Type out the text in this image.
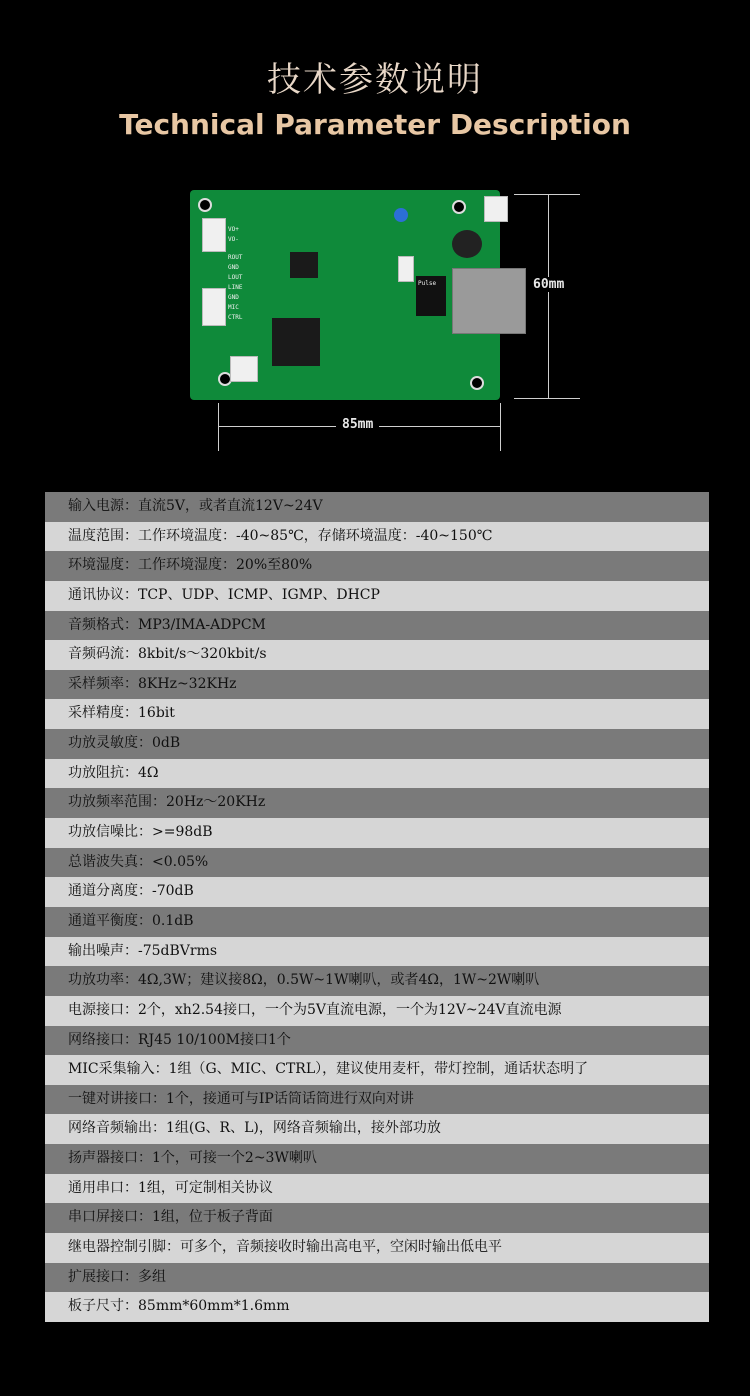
技术参数说明
Technical Parameter Description
Pulse
VO+
VO-
ROUT
GND
LOUT
LINE
GND
MIC
CTRL
60mm
85mm
输入电源：直流5V，或者直流12V~24V
温度范围：工作环境温度：-40~85℃，存储环境温度：-40~150℃
环境湿度：工作环境湿度：20%至80%
通讯协议：TCP、UDP、ICMP、IGMP、DHCP
音频格式：MP3/IMA-ADPCM
音频码流：8kbit/s～320kbit/s
采样频率：8KHz~32KHz
采样精度：16bit
功放灵敏度：0dB
功放阻抗：4Ω
功放频率范围：20Hz～20KHz
功放信噪比：>=98dB
总谐波失真：<0.05%
通道分离度：-70dB
通道平衡度：0.1dB
输出噪声：-75dBVrms
功放功率：4Ω,3W；建议接8Ω，0.5W~1W喇叭，或者4Ω，1W~2W喇叭
电源接口：2个，xh2.54接口，一个为5V直流电源，一个为12V~24V直流电源
网络接口：RJ45 10/100M接口1个
MIC采集输入：1组（G、MIC、CTRL），建议使用麦杆，带灯控制，通话状态明了
一键对讲接口：1个，接通可与IP话筒话筒进行双向对讲
网络音频输出：1组(G、R、L)，网络音频输出，接外部功放
扬声器接口：1个，可接一个2~3W喇叭
通用串口：1组，可定制相关协议
串口屏接口：1组，位于板子背面
继电器控制引脚：可多个，音频接收时输出高电平，空闲时输出低电平
扩展接口：多组
板子尺寸：85mm*60mm*1.6mm
